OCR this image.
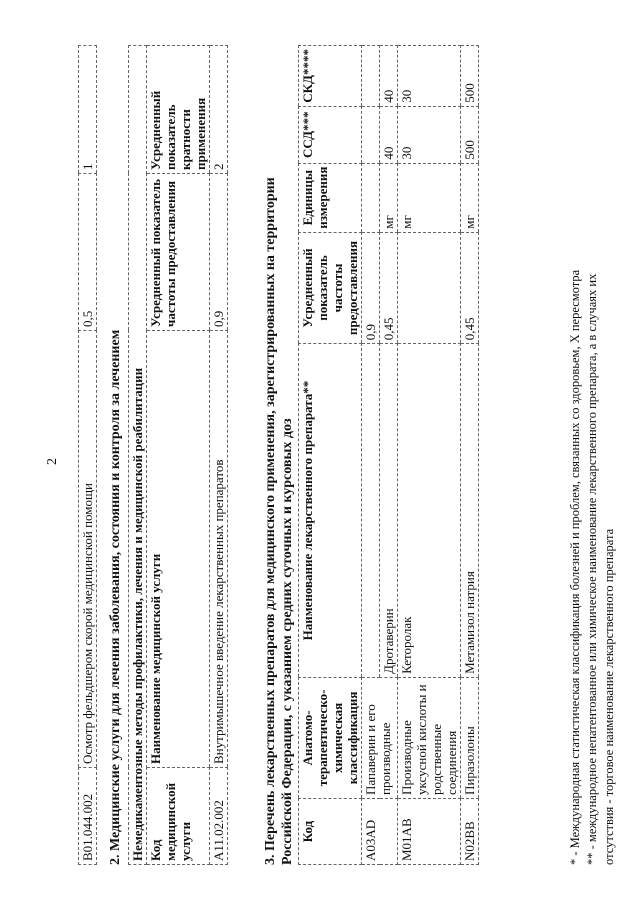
2
B01.044.002	Осмотр фельдшером скорой медицинской помощи	0,5	1
2. Медицинские услуги для лечения заболевания, состояния и контроля за лечением Немедикаментозные методы профилактики, лечения и медицинской реабилитации			
Код медицинской услуги	Наименование медицинской услуги	Усредненный показатель частоты предоставления	Усредненный показатель кратности применения
A11.02.002	Внутримышечное введение лекарственных препаратов	0,9	2
3. Перечень лекарственных препаратов для медицинского применения, зарегистрированных на территории Российской Федерации, с указанием средних суточных и курсовых доз Код	Анатомо-терапевтическо-химическая классификация	Наименование лекарственного препарата**	Усредненный показатель частоты предоставления	Единицы измерения	ССД***	СКД****
A03AD	Папаверин и его производные		0,9			
		Дротаверин	0,45	мг	40	40
M01AB	Производные уксусной кислоты и родственные соединения	Кеторолак		мг	30	30
N02BB	Пиразолоны	Метамизол натрия	0,45	мг	500	500
* - Международная статистическая классификация болезней и проблем, связанных со здоровьем, X пересмотра ** - международное непатентованное или химическое наименование лекарственного препарата, а в случаях их отсутствия - торговое наименование лекарственного препарата
